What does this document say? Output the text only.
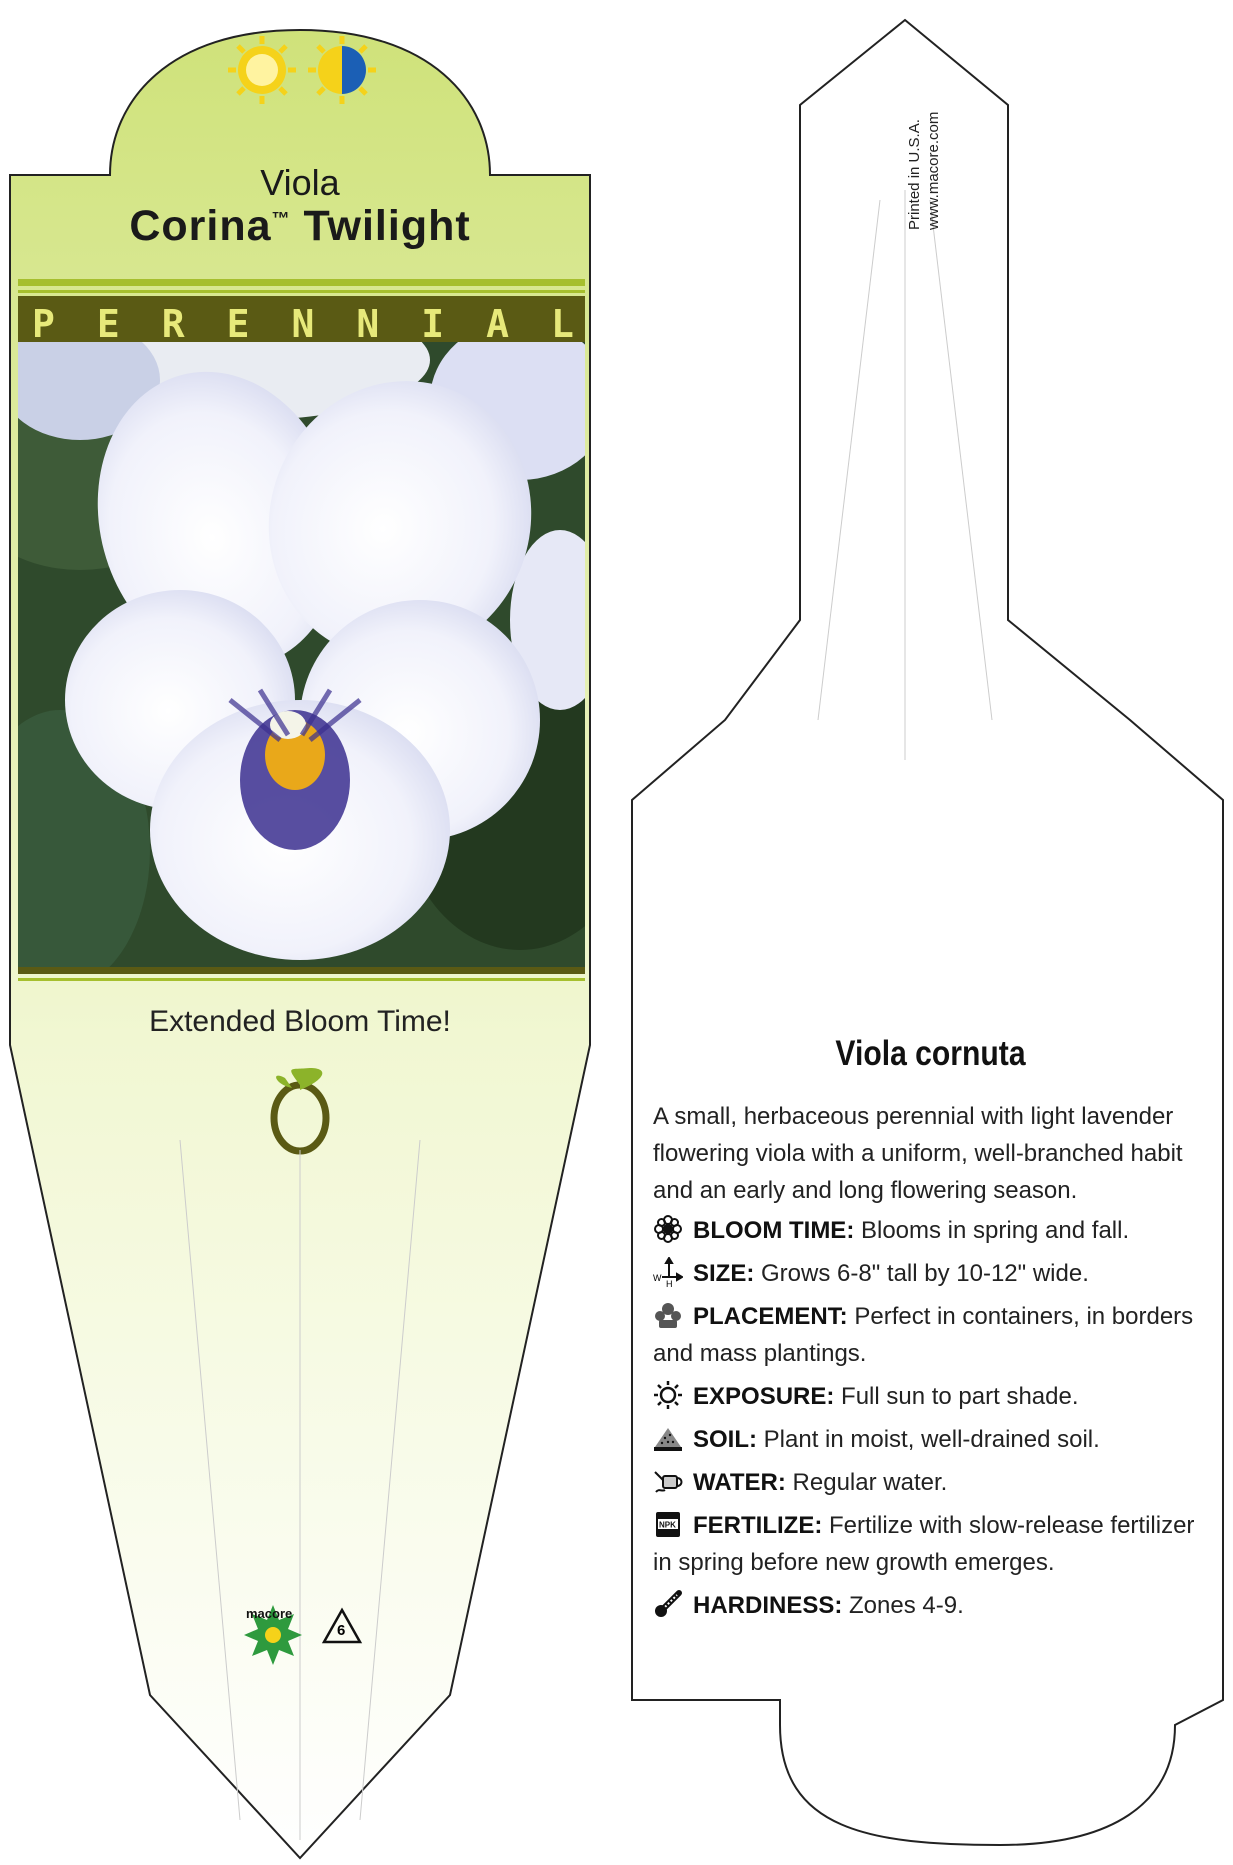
Viola

Corina™ Twilight

P E R E N N I A L

Extended Bloom Time!

macore
6
Printed in U.S.A. www.macore.com

Viola cornuta

A small, herbaceous perennial with light lavender flowering viola with a uniform, well-branched habit and an early and long flowering season.

BLOOM TIME: Blooms in spring and fall.

W
H SIZE: Grows 6-8" tall by 10-12" wide.

PLACEMENT: Perfect in containers, in borders and mass plantings.

EXPOSURE: Full sun to part shade.

SOIL: Plant in moist, well-drained soil.

WATER: Regular water.

NPK FERTILIZE: Fertilize with slow-release fertilizer in spring before new growth emerges.

HARDINESS: Zones 4-9.
